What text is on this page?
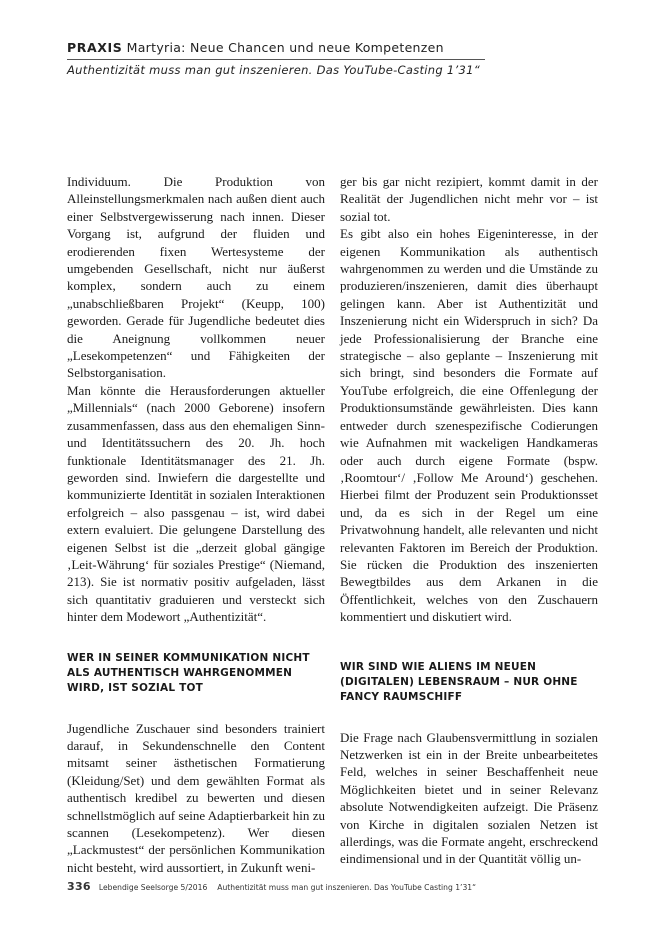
PRAXIS Martyria: Neue Chancen und neue Kompetenzen
Authentizität muss man gut inszenieren. Das YouTube-Casting 1’31“

Individuum. Die Produktion von Alleinstellungsmerkmalen nach außen dient auch einer Selbstvergewisserung nach innen. Dieser Vorgang ist, aufgrund der fluiden und erodierenden fixen Wertesysteme der umgebenden Gesellschaft, nicht nur äußerst komplex, sondern auch zu einem „unabschließbaren Projekt“ (Keupp, 100) geworden. Gerade für Jugendliche bedeutet dies die Aneignung vollkommen neuer „Lesekompetenzen“ und Fähigkeiten der Selbstorganisation.

Man könnte die Herausforderungen aktueller „Millennials“ (nach 2000 Geborene) insofern zusammenfassen, dass aus den ehemaligen Sinn- und Identitätssuchern des 20. Jh. hoch funktionale Identitätsmanager des 21. Jh. geworden sind. Inwiefern die dargestellte und kommunizierte Identität in sozialen Interaktionen erfolgreich – also passgenau – ist, wird dabei extern evaluiert. Die gelungene Darstellung des eigenen Selbst ist die „derzeit global gängige ‚Leit-Währung‘ für soziales Prestige“ (Niemand, 213). Sie ist normativ positiv aufgeladen, lässt sich quantitativ graduieren und versteckt sich hinter dem Modewort „Authentizität“.

WER IN SEINER KOMMUNIKATION NICHT ALS AUTHENTISCH WAHRGENOMMEN WIRD, IST SOZIAL TOT

Jugendliche Zuschauer sind besonders trainiert darauf, in Sekundenschnelle den Content mitsamt seiner ästhetischen Formatierung (Kleidung/Set) und dem gewählten Format als authentisch kredibel zu bewerten und diesen schnellstmöglich auf seine Adaptierbarkeit hin zu scannen (Lesekompetenz). Wer diesen „Lackmustest“ der persönlichen Kommunikation nicht besteht, wird aussortiert, in Zukunft weni-

ger bis gar nicht rezipiert, kommt damit in der Realität der Jugendlichen nicht mehr vor – ist sozial tot.

Es gibt also ein hohes Eigeninteresse, in der eigenen Kommunikation als authentisch wahrgenommen zu werden und die Umstände zu produzieren/inszenieren, damit dies überhaupt gelingen kann. Aber ist Authentizität und Inszenierung nicht ein Widerspruch in sich? Da jede Professionalisierung der Branche eine strategische – also geplante – Inszenierung mit sich bringt, sind besonders die Formate auf YouTube erfolgreich, die eine Offenlegung der Produktionsumstände gewährleisten. Dies kann entweder durch szenespezifische Codierungen wie Aufnahmen mit wackeligen Handkameras oder auch durch eigene Formate (bspw. ‚Roomtour‘/ ‚Follow Me Around‘) geschehen. Hierbei filmt der Produzent sein Produktionsset und, da es sich in der Regel um eine Privatwohnung handelt, alle relevanten und nicht relevanten Faktoren im Bereich der Produktion. Sie rücken die Produktion des inszenierten Bewegtbildes aus dem Arkanen in die Öffentlichkeit, welches von den Zuschauern kommentiert und diskutiert wird.

WIR SIND WIE ALIENS IM NEUEN (DIGITALEN) LEBENSRAUM – NUR OHNE FANCY RAUMSCHIFF

Die Frage nach Glaubensvermittlung in sozialen Netzwerken ist ein in der Breite unbearbeitetes Feld, welches in seiner Beschaffenheit neue Möglichkeiten bietet und in seiner Relevanz absolute Notwendigkeiten aufzeigt. Die Präsenz von Kirche in digitalen sozialen Netzen ist allerdings, was die Formate angeht, erschreckend eindimensional und in der Quantität völlig un-

336 Lebendige Seelsorge 5/2016 Authentizität muss man gut inszenieren. Das YouTube Casting 1’31“
